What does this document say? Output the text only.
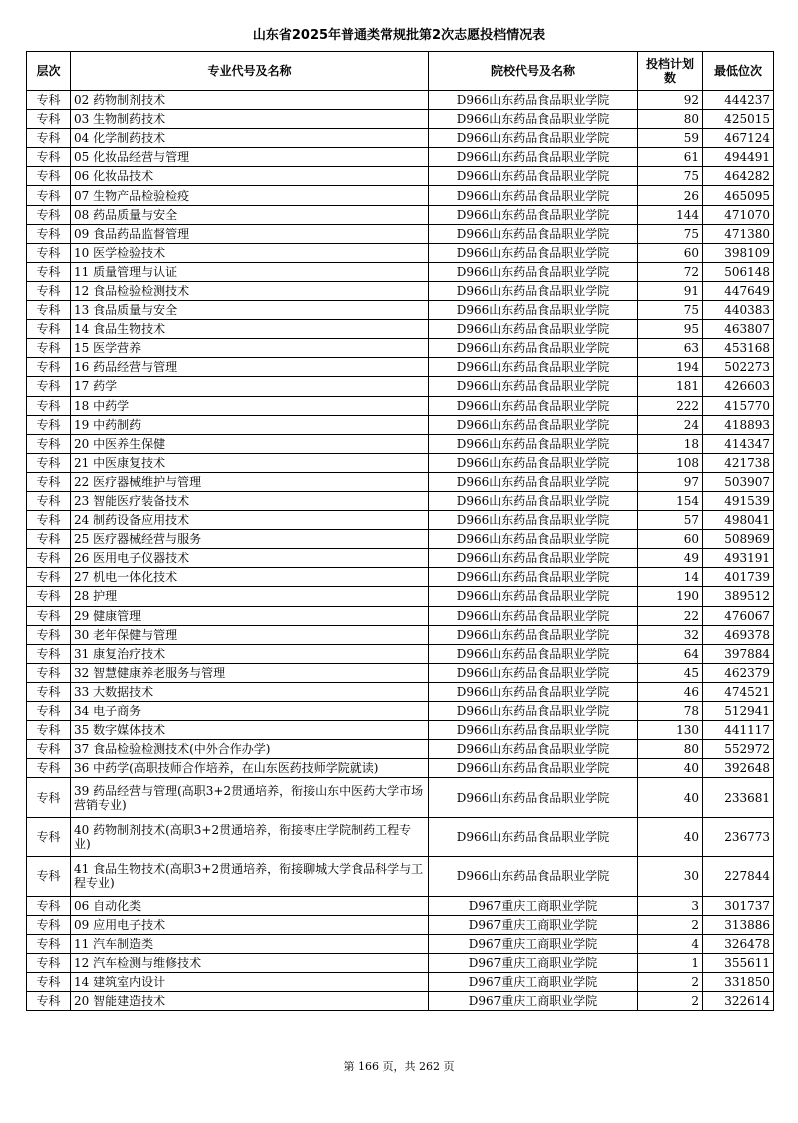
山东省2025年普通类常规批第2次志愿投档情况表
层次	专业代号及名称	院校代号及名称	投档计划数	最低位次
专科	02 药物制剂技术	D966山东药品食品职业学院	92	444237
专科	03 生物制药技术	D966山东药品食品职业学院	80	425015
专科	04 化学制药技术	D966山东药品食品职业学院	59	467124
专科	05 化妆品经营与管理	D966山东药品食品职业学院	61	494491
专科	06 化妆品技术	D966山东药品食品职业学院	75	464282
专科	07 生物产品检验检疫	D966山东药品食品职业学院	26	465095
专科	08 药品质量与安全	D966山东药品食品职业学院	144	471070
专科	09 食品药品监督管理	D966山东药品食品职业学院	75	471380
专科	10 医学检验技术	D966山东药品食品职业学院	60	398109
专科	11 质量管理与认证	D966山东药品食品职业学院	72	506148
专科	12 食品检验检测技术	D966山东药品食品职业学院	91	447649
专科	13 食品质量与安全	D966山东药品食品职业学院	75	440383
专科	14 食品生物技术	D966山东药品食品职业学院	95	463807
专科	15 医学营养	D966山东药品食品职业学院	63	453168
专科	16 药品经营与管理	D966山东药品食品职业学院	194	502273
专科	17 药学	D966山东药品食品职业学院	181	426603
专科	18 中药学	D966山东药品食品职业学院	222	415770
专科	19 中药制药	D966山东药品食品职业学院	24	418893
专科	20 中医养生保健	D966山东药品食品职业学院	18	414347
专科	21 中医康复技术	D966山东药品食品职业学院	108	421738
专科	22 医疗器械维护与管理	D966山东药品食品职业学院	97	503907
专科	23 智能医疗装备技术	D966山东药品食品职业学院	154	491539
专科	24 制药设备应用技术	D966山东药品食品职业学院	57	498041
专科	25 医疗器械经营与服务	D966山东药品食品职业学院	60	508969
专科	26 医用电子仪器技术	D966山东药品食品职业学院	49	493191
专科	27 机电一体化技术	D966山东药品食品职业学院	14	401739
专科	28 护理	D966山东药品食品职业学院	190	389512
专科	29 健康管理	D966山东药品食品职业学院	22	476067
专科	30 老年保健与管理	D966山东药品食品职业学院	32	469378
专科	31 康复治疗技术	D966山东药品食品职业学院	64	397884
专科	32 智慧健康养老服务与管理	D966山东药品食品职业学院	45	462379
专科	33 大数据技术	D966山东药品食品职业学院	46	474521
专科	34 电子商务	D966山东药品食品职业学院	78	512941
专科	35 数字媒体技术	D966山东药品食品职业学院	130	441117
专科	37 食品检验检测技术(中外合作办学)	D966山东药品食品职业学院	80	552972
专科	36 中药学(高职技师合作培养，在山东医药技师学院就读)	D966山东药品食品职业学院	40	392648
专科	39 药品经营与管理(高职3+2贯通培养，衔接山东中医药大学市场营销专业)	D966山东药品食品职业学院	40	233681
专科	40 药物制剂技术(高职3+2贯通培养，衔接枣庄学院制药工程专业)	D966山东药品食品职业学院	40	236773
专科	41 食品生物技术(高职3+2贯通培养，衔接聊城大学食品科学与工程专业)	D966山东药品食品职业学院	30	227844
专科	06 自动化类	D967重庆工商职业学院	3	301737
专科	09 应用电子技术	D967重庆工商职业学院	2	313886
专科	11 汽车制造类	D967重庆工商职业学院	4	326478
专科	12 汽车检测与维修技术	D967重庆工商职业学院	1	355611
专科	14 建筑室内设计	D967重庆工商职业学院	2	331850
专科	20 智能建造技术	D967重庆工商职业学院	2	322614
第 166 页，共 262 页
